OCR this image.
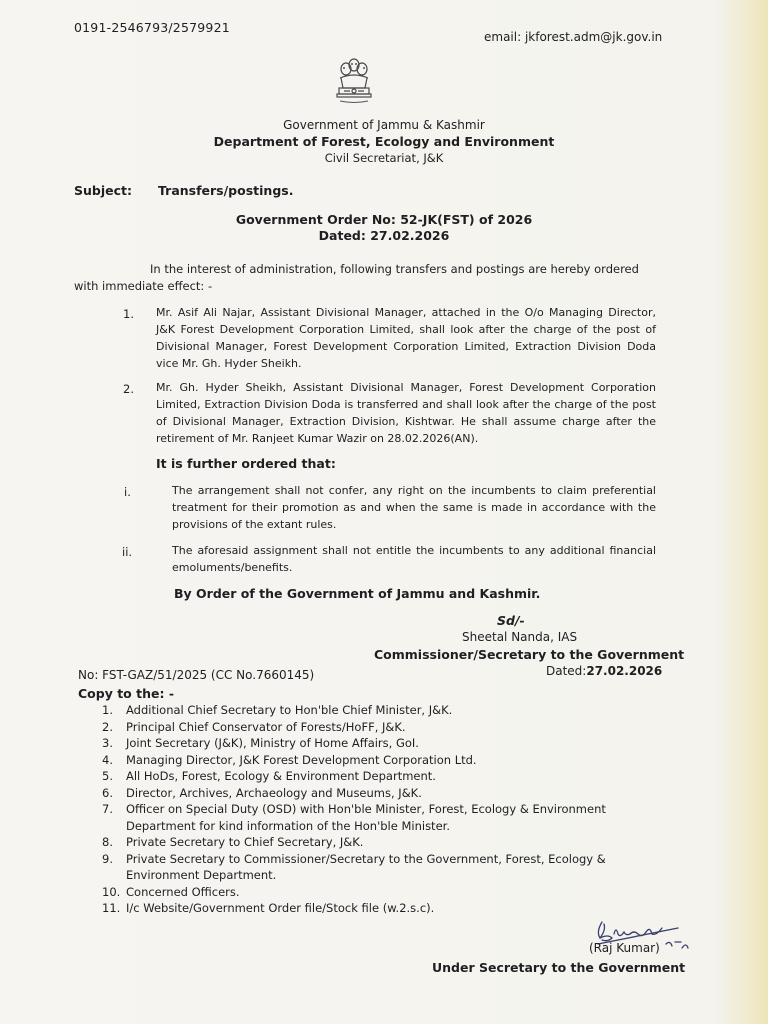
0191-2546793/2579921
email: jkforest.adm@jk.gov.in
Government of Jammu & Kashmir
Department of Forest, Ecology and Environment
Civil Secretariat, J&K
Subject: Transfers/postings.
Government Order No: 52-JK(FST) of 2026
Dated: 27.02.2026
In the interest of administration, following transfers and postings are hereby ordered with immediate effect: -
1. Mr. Asif Ali Najar, Assistant Divisional Manager, attached in the O/o Managing Director, J&K Forest Development Corporation Limited, shall look after the charge of the post of Divisional Manager, Forest Development Corporation Limited, Extraction Division Doda vice Mr. Gh. Hyder Sheikh.
2. Mr. Gh. Hyder Sheikh, Assistant Divisional Manager, Forest Development Corporation Limited, Extraction Division Doda is transferred and shall look after the charge of the post of Divisional Manager, Extraction Division, Kishtwar. He shall assume charge after the retirement of Mr. Ranjeet Kumar Wazir on 28.02.2026(AN).
It is further ordered that:
i.	The arrangement shall not confer, any right on the incumbents to claim preferential treatment for their promotion as and when the same is made in accordance with the provisions of the extant rules.
ii.	The aforesaid assignment shall not entitle the incumbents to any additional financial emoluments/benefits.
By Order of the Government of Jammu and Kashmir.
Sd/-
Sheetal Nanda, IAS
Commissioner/Secretary to the Government
Dated:27.02.2026
No: FST-GAZ/51/2025 (CC No.7660145)
Copy to the: -
1.	Additional Chief Secretary to Hon'ble Chief Minister, J&K.
2.	Principal Chief Conservator of Forests/HoFF, J&K.
3.	Joint Secretary (J&K), Ministry of Home Affairs, GoI.
4.	Managing Director, J&K Forest Development Corporation Ltd.
5.	All HoDs, Forest, Ecology & Environment Department.
6.	Director, Archives, Archaeology and Museums, J&K.
7.	Officer on Special Duty (OSD) with Hon'ble Minister, Forest, Ecology & Environment Department for kind information of the Hon'ble Minister.
8.	Private Secretary to Chief Secretary, J&K.
9.	Private Secretary to Commissioner/Secretary to the Government, Forest, Ecology & Environment Department.
10. Concerned Officers.
11. I/c Website/Government Order file/Stock file (w.2.s.c).
(Raj Kumar)
Under Secretary to the Government
